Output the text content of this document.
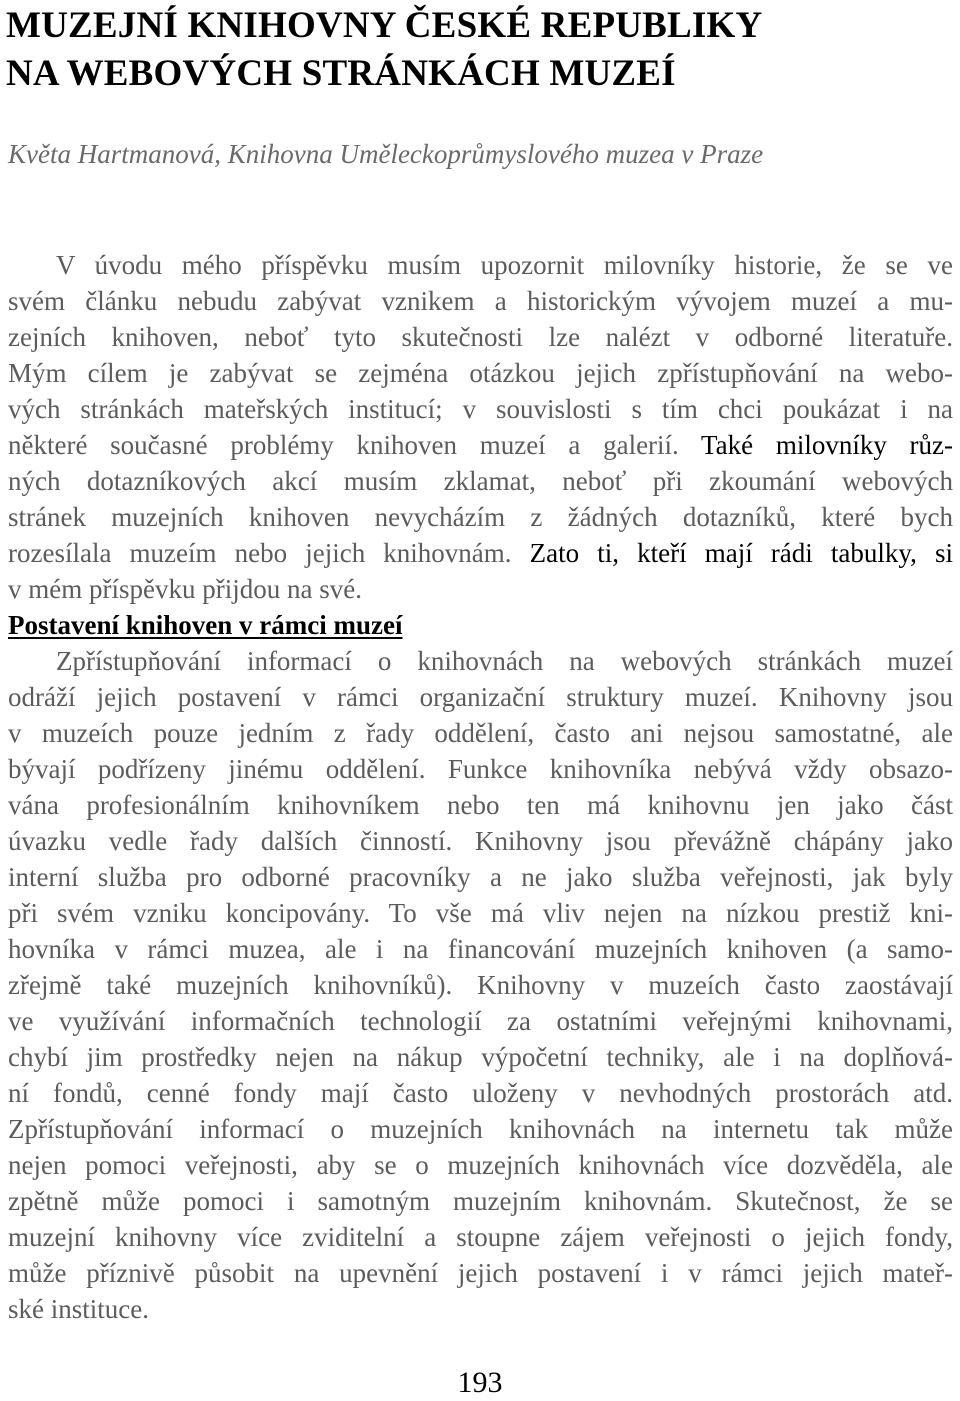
MUZEJNÍ KNIHOVNY ČESKÉ REPUBLIKY
NA WEBOVÝCH STRÁNKÁCH MUZEÍ

Květa Hartmanová, Knihovna Uměleckoprůmyslového muzea v Praze

V úvodu mého příspěvku musím upozornit milovníky historie, že se ve
svém článku nebudu zabývat vznikem a historickým vývojem muzeí a mu-
zejních knihoven, neboť tyto skutečnosti lze nalézt v odborné literatuře.
Mým cílem je zabývat se zejména otázkou jejich zpřístupňování na webo-
vých stránkách mateřských institucí; v souvislosti s tím chci poukázat i na
některé současné problémy knihoven muzeí a galerií. Také milovníky růz-
ných dotazníkových akcí musím zklamat, neboť při zkoumání webových
stránek muzejních knihoven nevycházím z žádných dotazníků, které bych
rozesílala muzeím nebo jejich knihovnám. Zato ti, kteří mají rádi tabulky, si
v mém příspěvku přijdou na své.
Postavení knihoven v rámci muzeí
Zpřístupňování informací o knihovnách na webových stránkách muzeí
odráží jejich postavení v rámci organizační struktury muzeí. Knihovny jsou
v muzeích pouze jedním z řady oddělení, často ani nejsou samostatné, ale
bývají podřízeny jinému oddělení. Funkce knihovníka nebývá vždy obsazo-
vána profesionálním knihovníkem nebo ten má knihovnu jen jako část
úvazku vedle řady dalších činností. Knihovny jsou převážně chápány jako
interní služba pro odborné pracovníky a ne jako služba veřejnosti, jak byly
při svém vzniku koncipovány. To vše má vliv nejen na nízkou prestiž kni-
hovníka v rámci muzea, ale i na financování muzejních knihoven (a samo-
zřejmě také muzejních knihovníků). Knihovny v muzeích často zaostávají
ve využívání informačních technologií za ostatními veřejnými knihovnami,
chybí jim prostředky nejen na nákup výpočetní techniky, ale i na doplňová-
ní fondů, cenné fondy mají často uloženy v nevhodných prostorách atd.
Zpřístupňování informací o muzejních knihovnách na internetu tak může
nejen pomoci veřejnosti, aby se o muzejních knihovnách více dozvěděla, ale
zpětně může pomoci i samotným muzejním knihovnám. Skutečnost, že se
muzejní knihovny více zviditelní a stoupne zájem veřejnosti o jejich fondy,
může příznivě působit na upevnění jejich postavení i v rámci jejich mateř-
ské instituce.
193
